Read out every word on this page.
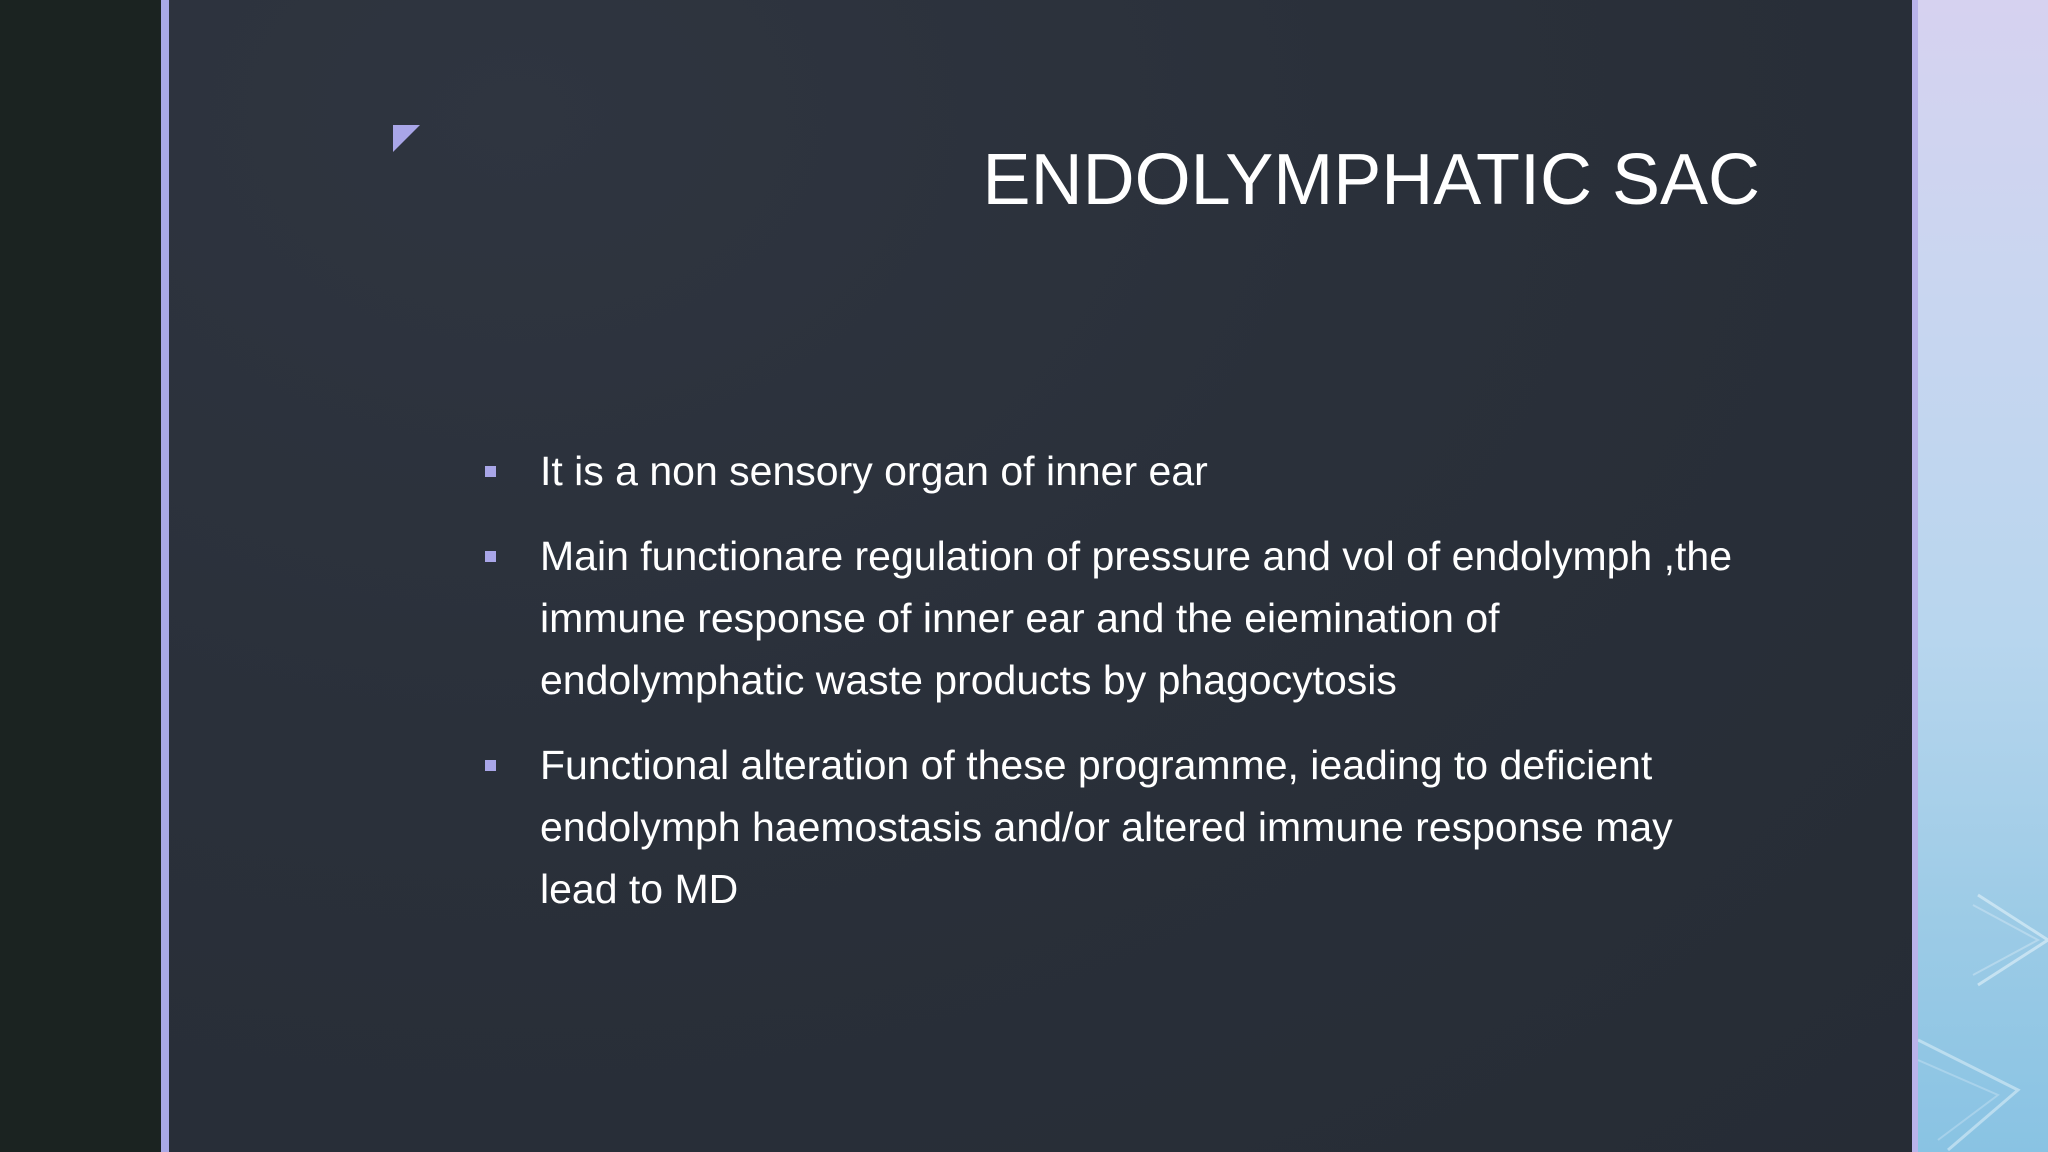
ENDOLYMPHATIC SAC
It is a non sensory organ of inner ear
Main functionare regulation of pressure and vol of endolymph ,the immune response of inner ear and the eiemination of endolymphatic waste products by phagocytosis
Functional alteration of these programme, ieading to deficient endolymph haemostasis and/or altered immune response may lead to MD
